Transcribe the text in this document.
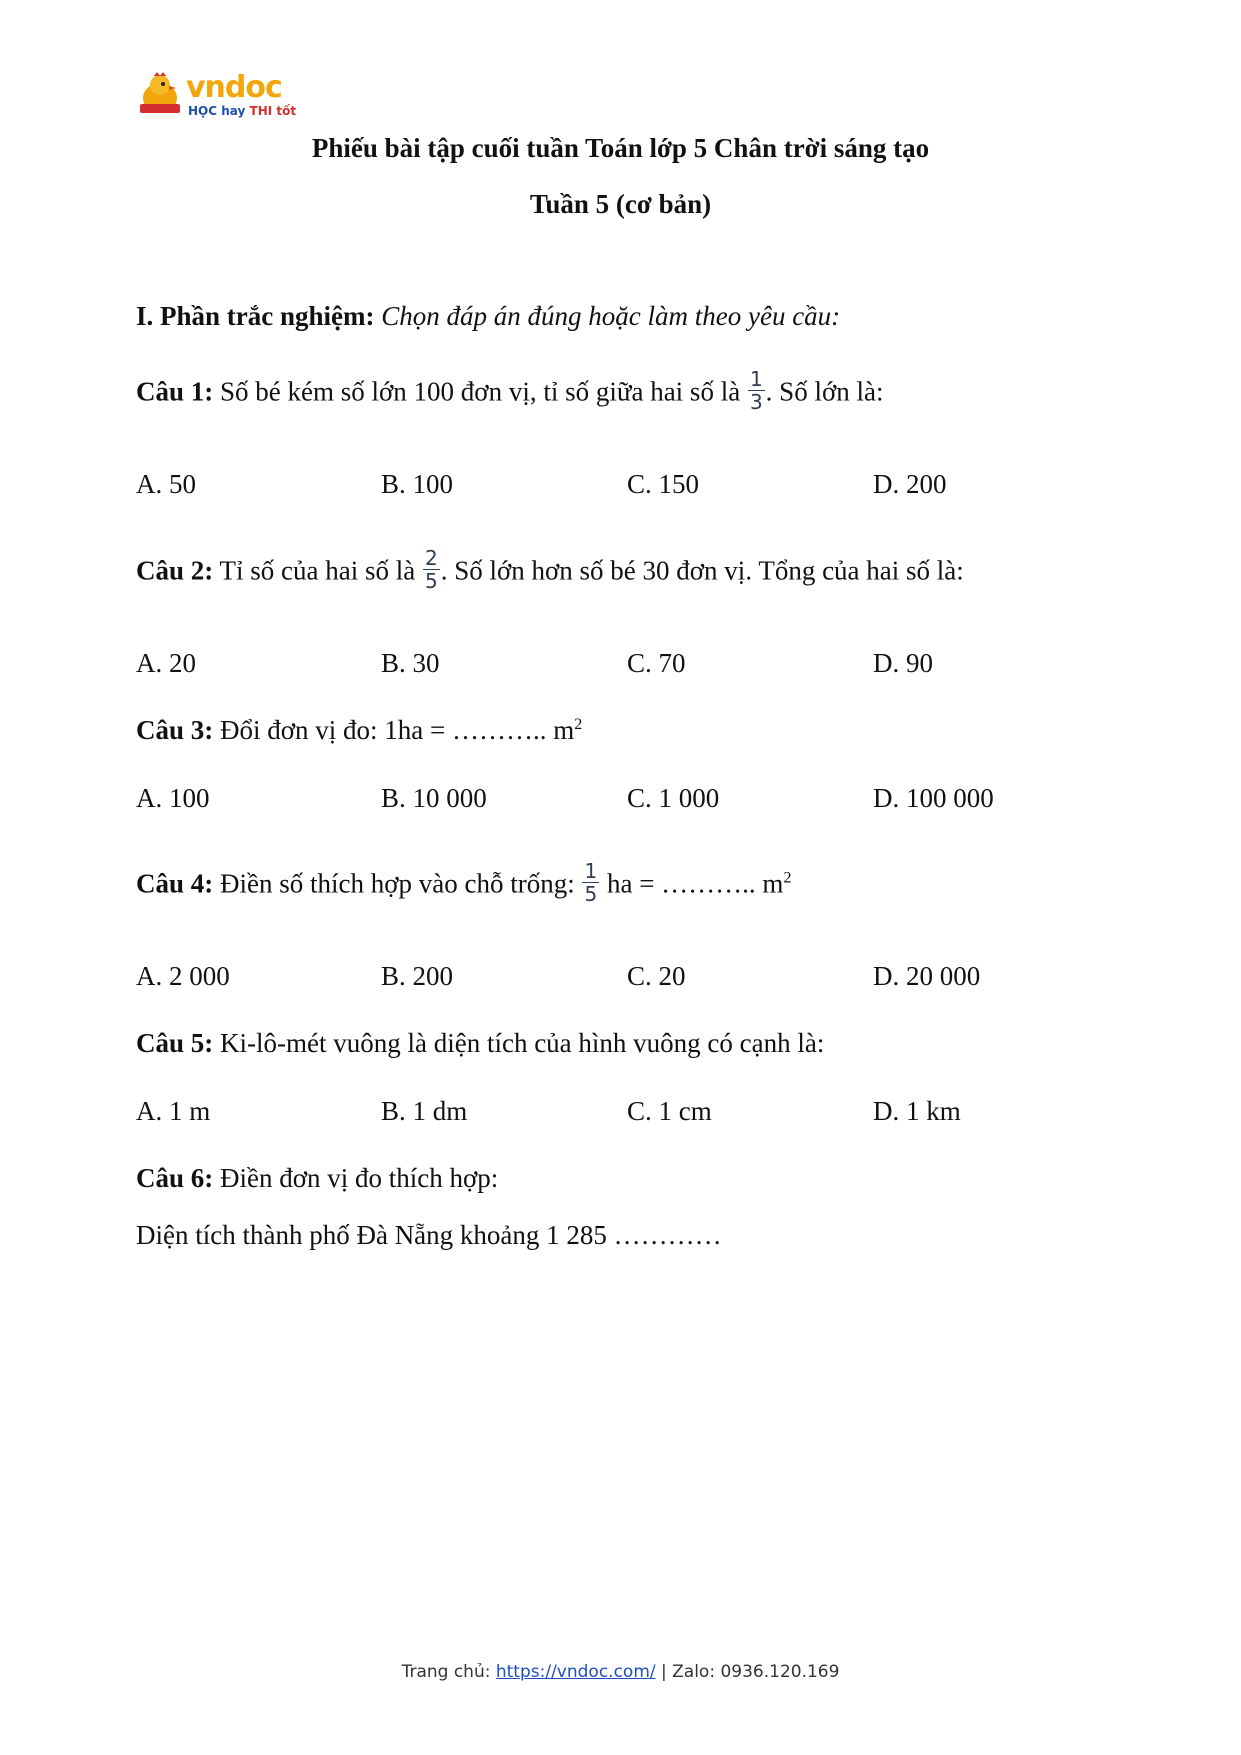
vndoc
HỌC hay THI tốt
Phiếu bài tập cuối tuần Toán lớp 5 Chân trời sáng tạo
Tuần 5 (cơ bản)
I. Phần trắc nghiệm: Chọn đáp án đúng hoặc làm theo yêu cầu:
Câu 1: Số bé kém số lớn 100 đơn vị, tỉ số giữa hai số là $\frac{1}{3}$ . Số lớn là:
A. 50	B. 100	C. 150	D. 200
Câu 2: Tỉ số của hai số là $\frac{2}{5}$ . Số lớn hơn số bé 30 đơn vị. Tổng của hai số là:
A. 20	B. 30	C. 70	D. 90
Câu 3: Đổi đơn vị đo: 1ha = ……….. $m^2$
A. 100	B. 10 000	C. 1 000	D. 100 000
Câu 4: Điền số thích hợp vào chỗ trống: $\frac{1}{5}$ ha = ……….. $m^2$
A. 2 000	B. 200	C. 20	D. 20 000
Câu 5: Ki-lô-mét vuông là diện tích của hình vuông có cạnh là:
A. 1 m	B. 1 dm	C. 1 cm	D. 1 km
Câu 6: Điền đơn vị đo thích hợp:
Diện tích thành phố Đà Nẵng khoảng 1 285 …………
Trang chủ: https://vndoc.com/ | Zalo: 0936.120.169
